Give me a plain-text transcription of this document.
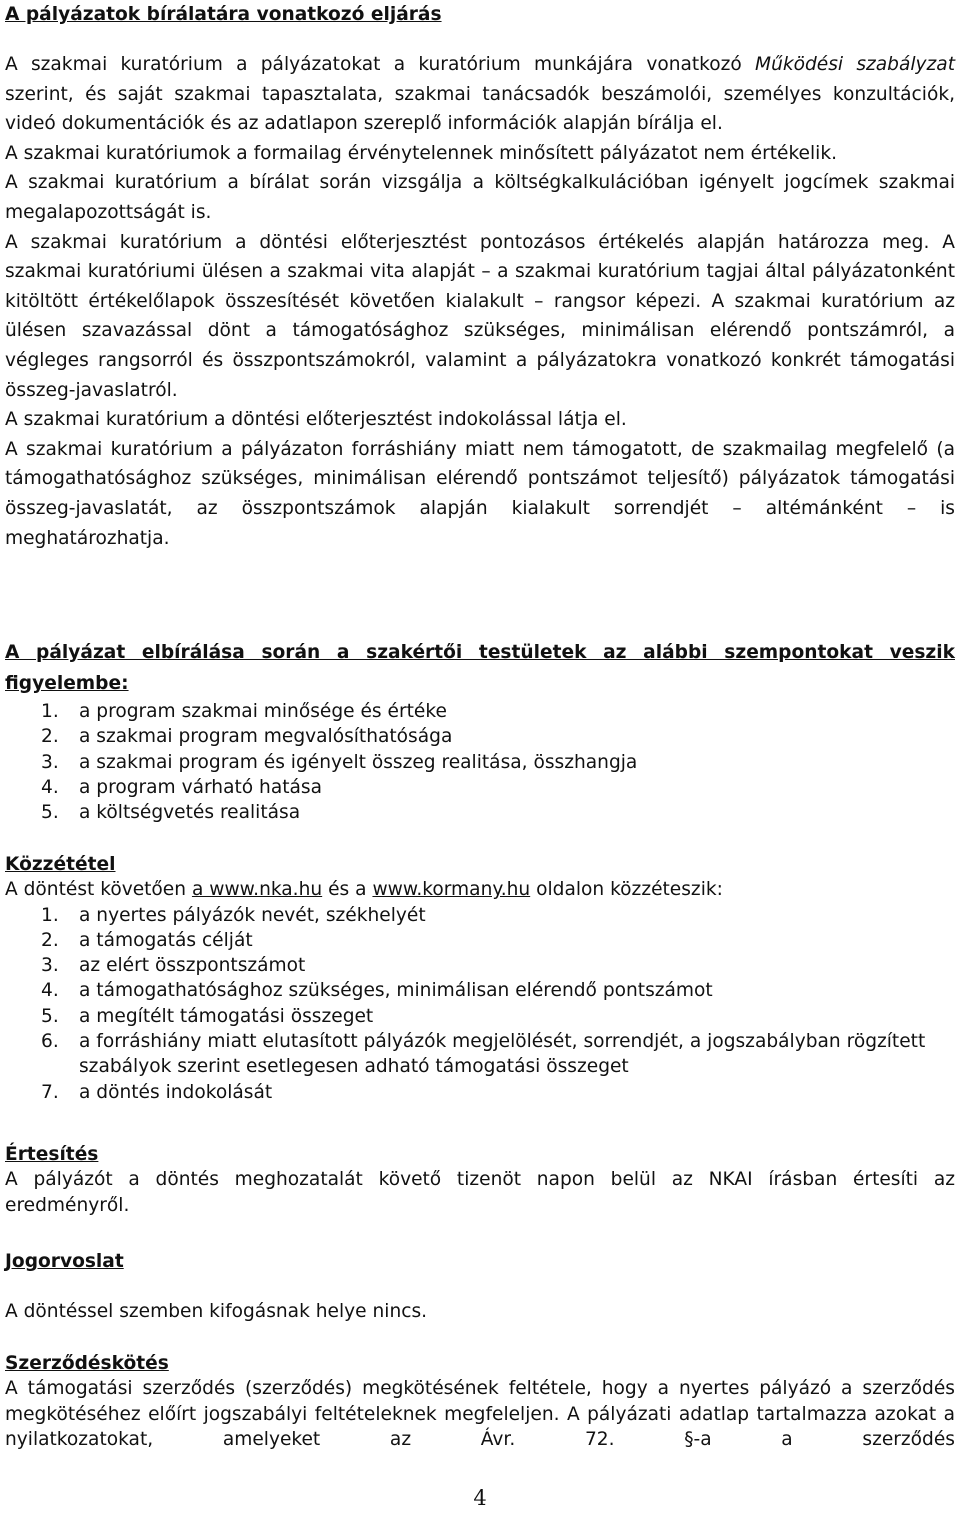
A pályázatok bírálatára vonatkozó eljárás

A szakmai kuratórium a pályázatokat a kuratórium munkájára vonatkozó Működési szabályzat szerint, és saját szakmai tapasztalata, szakmai tanácsadók beszámolói, személyes konzultációk, videó dokumentációk és az adatlapon szereplő információk alapján bírálja el.

A szakmai kuratóriumok a formailag érvénytelennek minősített pályázatot nem értékelik.

A szakmai kuratórium a bírálat során vizsgálja a költségkalkulációban igényelt jogcímek szakmai megalapozottságát is.

A szakmai kuratórium a döntési előterjesztést pontozásos értékelés alapján határozza meg. A szakmai kuratóriumi ülésen a szakmai vita alapját – a szakmai kuratórium tagjai által pályázatonként kitöltött értékelőlapok összesítését követően kialakult – rangsor képezi. A szakmai kuratórium az ülésen szavazással dönt a támogatósághoz szükséges, minimálisan elérendő pontszámról, a végleges rangsorról és összpontszámokról, valamint a pályázatokra vonatkozó konkrét támogatási összeg-javaslatról.

A szakmai kuratórium a döntési előterjesztést indokolással látja el.

A szakmai kuratórium a pályázaton forráshiány miatt nem támogatott, de szakmailag megfelelő (a támogathatósághoz szükséges, minimálisan elérendő pontszámot teljesítő) pályázatok támogatási összeg-javaslatát, az összpontszámok alapján kialakult sorrendjét – altémánként – is meghatározhatja.

A pályázat elbírálása során a szakértői testületek az alábbi szempontokat veszik figyelembe:

1. a program szakmai minősége és értéke
2. a szakmai program megvalósíthatósága
3. a szakmai program és igényelt összeg realitása, összhangja
4. a program várható hatása
5. a költségvetés realitása

Közzététel

A döntést követően a www.nka.hu és a www.kormany.hu oldalon közzéteszik:

1. a nyertes pályázók nevét, székhelyét
2. a támogatás célját
3. az elért összpontszámot
4. a támogathatósághoz szükséges, minimálisan elérendő pontszámot
5. a megítélt támogatási összeget
6. a forráshiány miatt elutasított pályázók megjelölését, sorrendjét, a jogszabályban rögzített szabályok szerint esetlegesen adható támogatási összeget
7. a döntés indokolását

Értesítés

A pályázót a döntés meghozatalát követő tizenöt napon belül az NKAI írásban értesíti az eredményről.

Jogorvoslat

A döntéssel szemben kifogásnak helye nincs.

Szerződéskötés

A támogatási szerződés (szerződés) megkötésének feltétele, hogy a nyertes pályázó a szerződés megkötéséhez előírt jogszabályi feltételeknek megfeleljen. A pályázati adatlap tartalmazza azokat a nyilatkozatokat, amelyeket az Ávr. 72. §-a a szerződés

4
